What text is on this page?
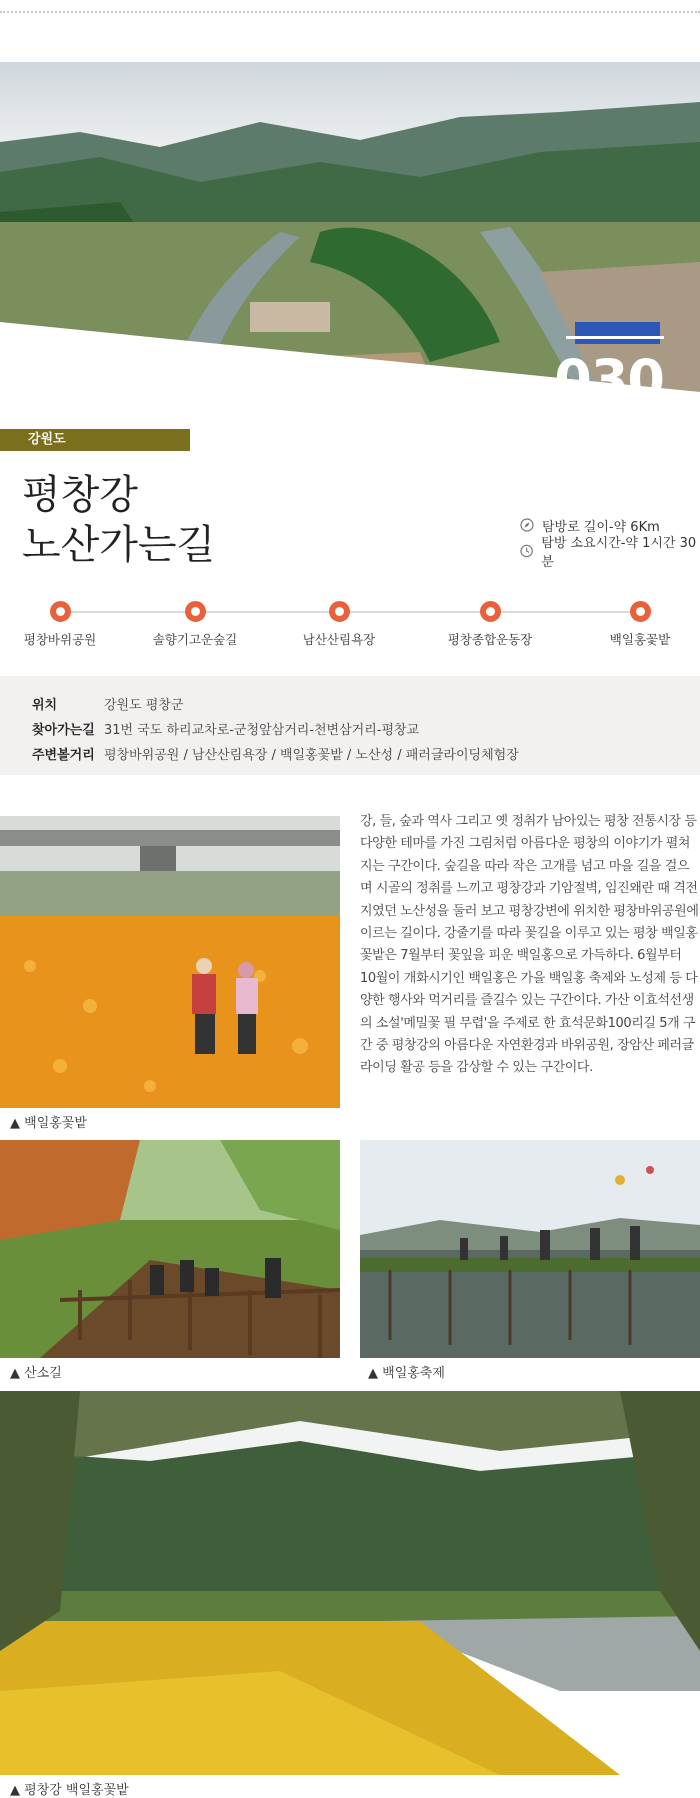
030
강원도
평창강
노산가는길	탐방로 길이-약 6Km
탐방 소요시간-약 1시간 30분
평창바위공원	솔향기고운숲길	남산산림욕장	평창종합운동장	백일홍꽃밭
위치	강원도 평창군
찾아가는길 31번 국도 하리교차로-군청앞삼거리-천변삼거리-평창교
주변볼거리 평창바위공원 / 남산산림욕장 / 백일홍꽃밭 / 노산성 / 패러글라이딩체험장
▲ 백일홍꽃밭
강, 들, 숲과 역사 그리고 옛 정취가 남아있는 평창 전통시장 등 다양한 테마를 가진 그림처럼 아름다운 평창의 이야기가 펼쳐지는 구간이다. 숲길을 따라 작은 고개를 넘고 마을 길을 걸으며 시골의 정취를 느끼고 평창강과 기암절벽, 임진왜란 때 격전지였던 노산성을 둘러 보고 평창강변에 위치한 평창바위공원에 이르는 길이다. 강줄기를 따라 꽃길을 이루고 있는 평창 백일홍 꽃밭은 7월부터 꽃잎을 피운 백일홍으로 가득하다. 6월부터 10월이 개화시기인 백일홍은 가을 백일홍 축제와 노성제 등 다양한 행사와 먹거리를 즐길수 있는 구간이다. 가산 이효석선생의 소설'메밀꽃 필 무렵'을 주제로 한 효석문화100리길 5개 구간 중 평창강의 아름다운 자연환경과 바위공원, 장암산 페러글라이딩 활공 등을 감상할 수 있는 구간이다.
▲ 산소길	▲ 백일홍축제
▲ 평창강 백일홍꽃밭
